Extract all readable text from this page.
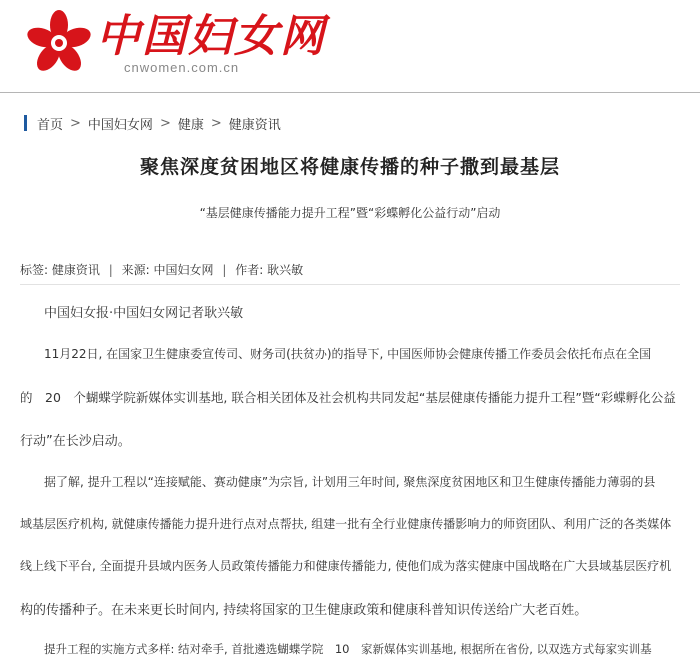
中国妇女网
cnwomen.com.cn
首页 > 中国妇女网 > 健康 > 健康资讯
聚焦深度贫困地区将健康传播的种子撒到最基层
“基层健康传播能力提升工程”暨“彩蝶孵化公益行动”启动
标签: 健康资讯 | 来源: 中国妇女网 | 作者: 耿兴敏
中国妇女报·中国妇女网记者耿兴敏
11月22日, 在国家卫生健康委宣传司、财务司(扶贫办)的指导下, 中国医师协会健康传播工作委员会依托布点在全国
的　20　个蝴蝶学院新媒体实训基地, 联合相关团体及社会机构共同发起“基层健康传播能力提升工程”暨“彩蝶孵化公益
行动”在长沙启动。
据了解, 提升工程以“连接赋能、赛动健康”为宗旨, 计划用三年时间, 聚焦深度贫困地区和卫生健康传播能力薄弱的县
域基层医疗机构, 就健康传播能力提升进行点对点帮扶, 组建一批有全行业健康传播影响力的师资团队、利用广泛的各类媒体
线上线下平台, 全面提升县域内医务人员政策传播能力和健康传播能力, 使他们成为落实健康中国战略在广大县域基层医疗机
构的传播种子。在未来更长时间内, 持续将国家的卫生健康政策和健康科普知识传送给广大老百姓。
提升工程的实施方式多样: 结对牵手, 首批遴选蝴蝶学院　10　家新媒体实训基地, 根据所在省份, 以双选方式每家实训基
